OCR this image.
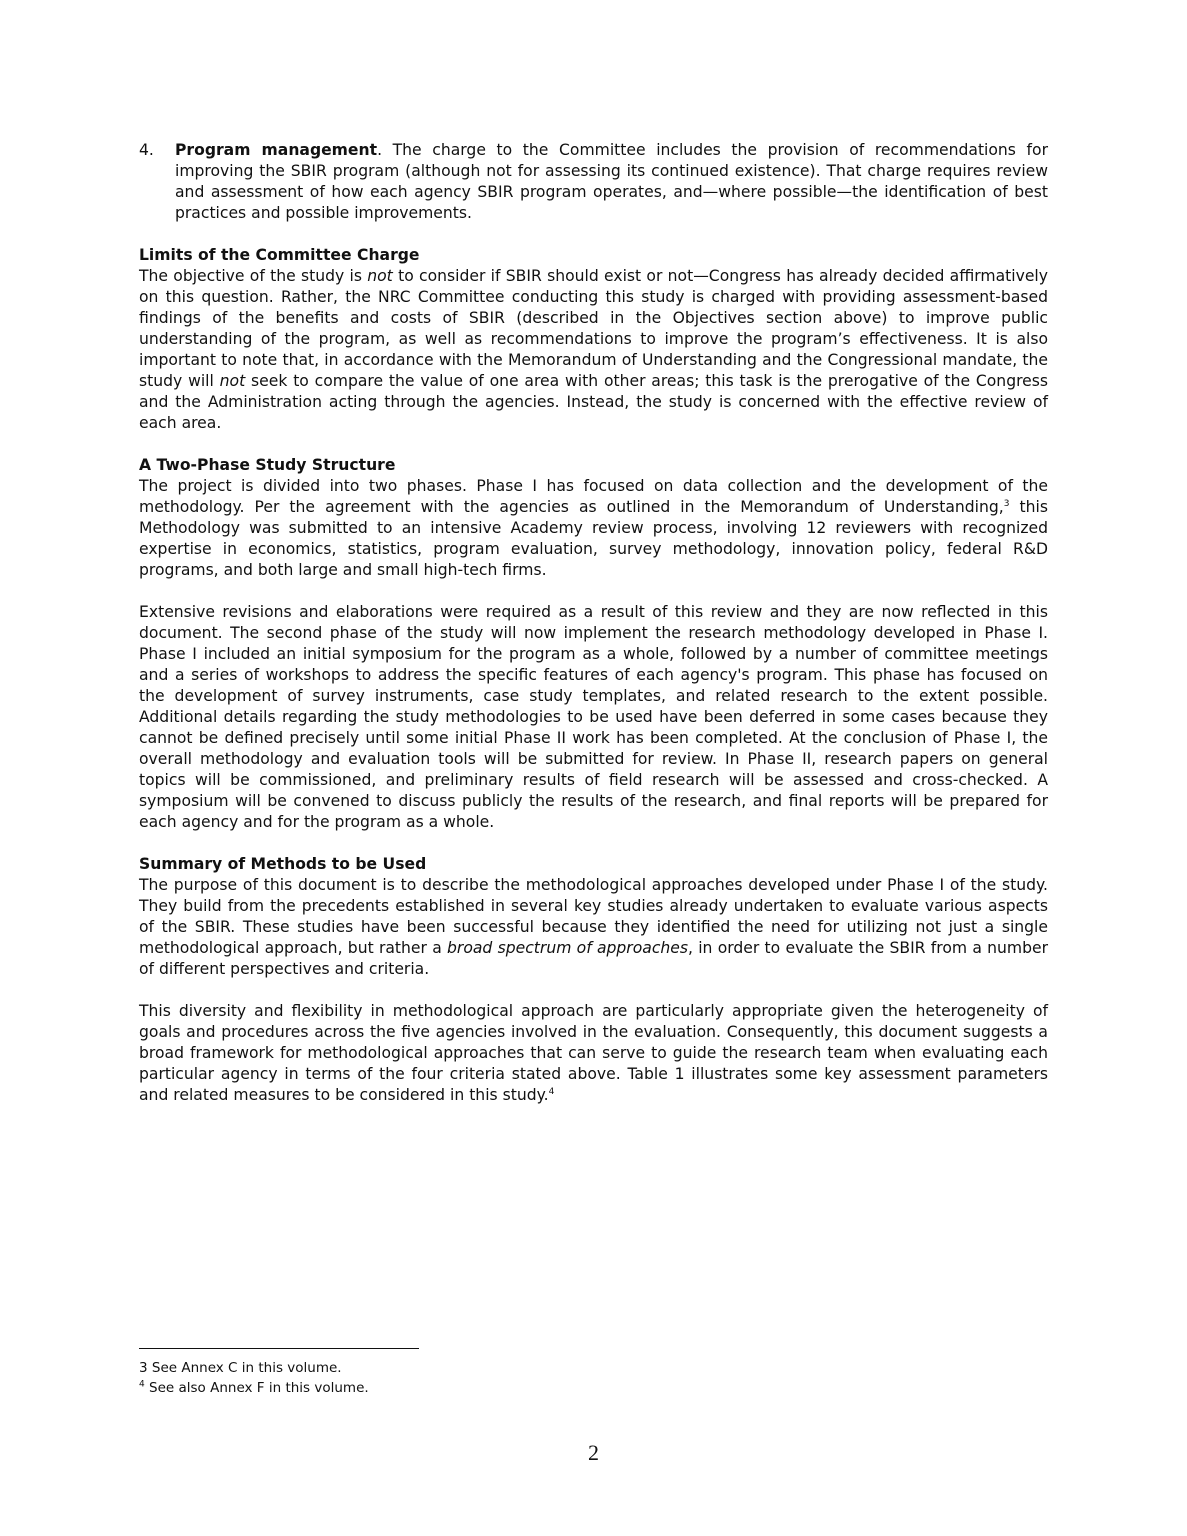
4. Program management. The charge to the Committee includes the provision of recommendations for improving the SBIR program (although not for assessing its continued existence). That charge requires review and assessment of how each agency SBIR program operates, and—where possible—the identification of best practices and possible improvements.

Limits of the Committee Charge

The objective of the study is not to consider if SBIR should exist or not—Congress has already decided affirmatively on this question. Rather, the NRC Committee conducting this study is charged with providing assessment-based findings of the benefits and costs of SBIR (described in the Objectives section above) to improve public understanding of the program, as well as recommendations to improve the program’s effectiveness. It is also important to note that, in accordance with the Memorandum of Understanding and the Congressional mandate, the study will not seek to compare the value of one area with other areas; this task is the prerogative of the Congress and the Administration acting through the agencies. Instead, the study is concerned with the effective review of each area.

A Two-Phase Study Structure

The project is divided into two phases. Phase I has focused on data collection and the development of the methodology. Per the agreement with the agencies as outlined in the Memorandum of Understanding,$^3$ this Methodology was submitted to an intensive Academy review process, involving 12 reviewers with recognized expertise in economics, statistics, program evaluation, survey methodology, innovation policy, federal R&D programs, and both large and small high-tech firms.

Extensive revisions and elaborations were required as a result of this review and they are now reflected in this document. The second phase of the study will now implement the research methodology developed in Phase I. Phase I included an initial symposium for the program as a whole, followed by a number of committee meetings and a series of workshops to address the specific features of each agency's program. This phase has focused on the development of survey instruments, case study templates, and related research to the extent possible. Additional details regarding the study methodologies to be used have been deferred in some cases because they cannot be defined precisely until some initial Phase II work has been completed. At the conclusion of Phase I, the overall methodology and evaluation tools will be submitted for review. In Phase II, research papers on general topics will be commissioned, and preliminary results of field research will be assessed and cross-checked. A symposium will be convened to discuss publicly the results of the research, and final reports will be prepared for each agency and for the program as a whole.

Summary of Methods to be Used

The purpose of this document is to describe the methodological approaches developed under Phase I of the study. They build from the precedents established in several key studies already undertaken to evaluate various aspects of the SBIR. These studies have been successful because they identified the need for utilizing not just a single methodological approach, but rather a broad spectrum of approaches, in order to evaluate the SBIR from a number of different perspectives and criteria.

This diversity and flexibility in methodological approach are particularly appropriate given the heterogeneity of goals and procedures across the five agencies involved in the evaluation. Consequently, this document suggests a broad framework for methodological approaches that can serve to guide the research team when evaluating each particular agency in terms of the four criteria stated above. Table 1 illustrates some key assessment parameters and related measures to be considered in this study.$^4$

3 See Annex C in this volume.

$^4$ See also Annex F in this volume.

2
